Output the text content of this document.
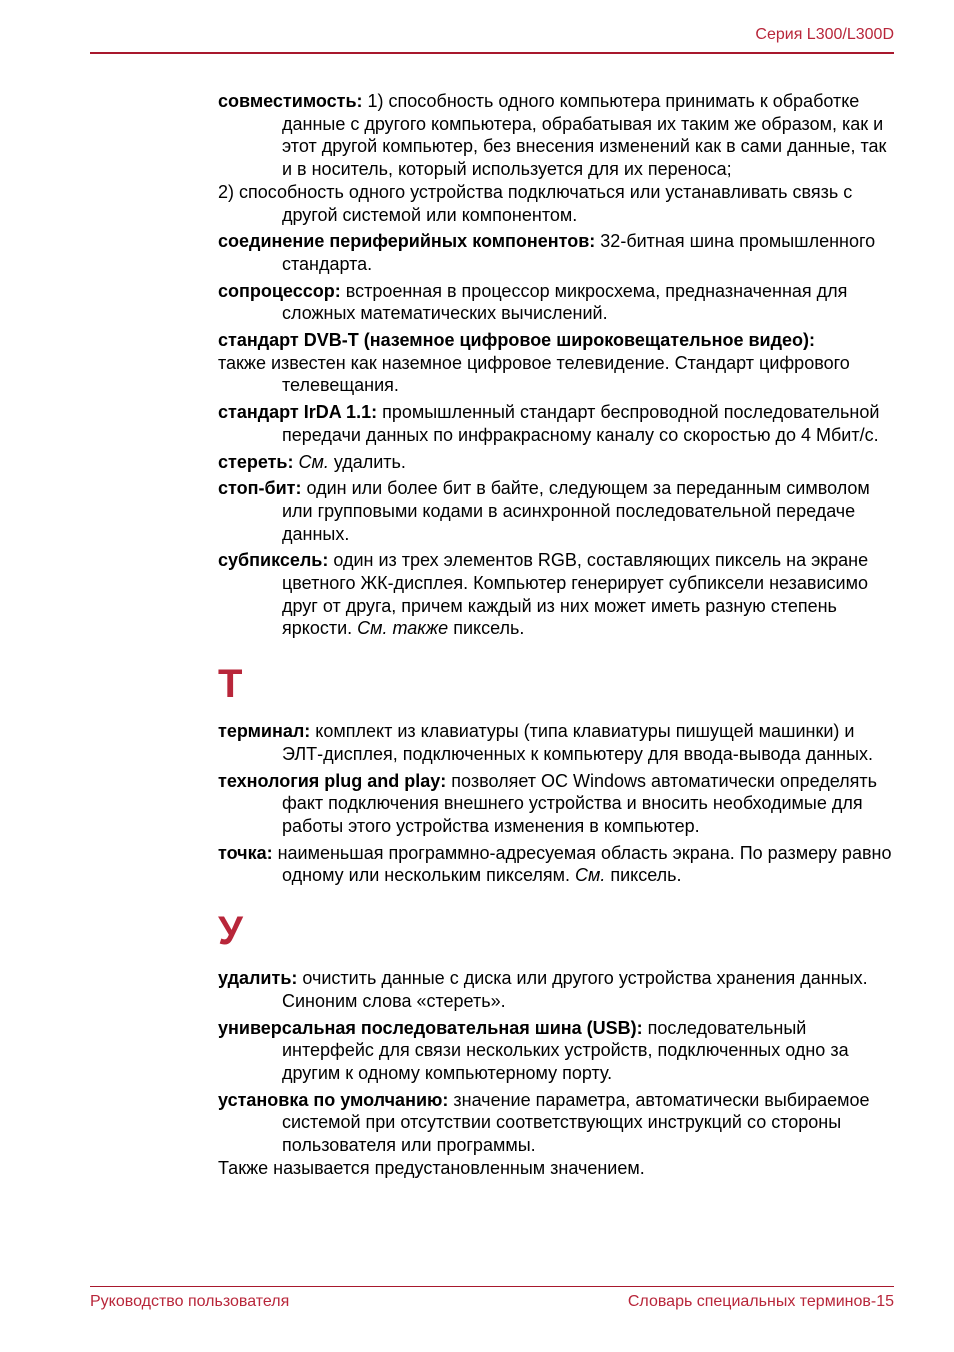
Серия L300/L300D

совместимость: 1) способность одного компьютера принимать к обработке данные с другого компьютера, обрабатывая их таким же образом, как и этот другой компьютер, без внесения изменений как в сами данные, так и в носитель, который используется для их переноса;
2) способность одного устройства подключаться или устанавливать связь с другой системой или компонентом.

соединение периферийных компонентов: 32-битная шина промышленного стандарта.

сопроцессор: встроенная в процессор микросхема, предназначенная для сложных математических вычислений.

стандарт DVB-T (наземное цифровое широковещательное видео):
также известен как наземное цифровое телевидение. Стандарт цифрового телевещания.

стандарт IrDA 1.1: промышленный стандарт беспроводной последовательной передачи данных по инфракрасному каналу со скоростью до 4 Мбит/с.

стереть: См. удалить.

стоп-бит: один или более бит в байте, следующем за переданным символом или групповыми кодами в асинхронной последовательной передаче данных.

субпиксель: один из трех элементов RGB, составляющих пиксель на экране цветного ЖК-дисплея. Компьютер генерирует субпиксели независимо друг от друга, причем каждый из них может иметь разную степень яркости. См. также пиксель.

Т

терминал: комплект из клавиатуры (типа клавиатуры пишущей машинки) и ЭЛТ-дисплея, подключенных к компьютеру для ввода-вывода данных.

технология plug and play: позволяет ОС Windows автоматически определять факт подключения внешнего устройства и вносить необходимые для работы этого устройства изменения в компьютер.

точка: наименьшая программно-адресуемая область экрана. По размеру равно одному или нескольким пикселям. См. пиксель.

У

удалить: очистить данные с диска или другого устройства хранения данных. Синоним слова «стереть».

универсальная последовательная шина (USB): последовательный интерфейс для связи нескольких устройств, подключенных одно за другим к одному компьютерному порту.

установка по умолчанию: значение параметра, автоматически выбираемое системой при отсутствии соответствующих инструкций со стороны пользователя или программы.
Также называется предустановленным значением.

Руководство пользователя	Словарь специальных терминов-15
